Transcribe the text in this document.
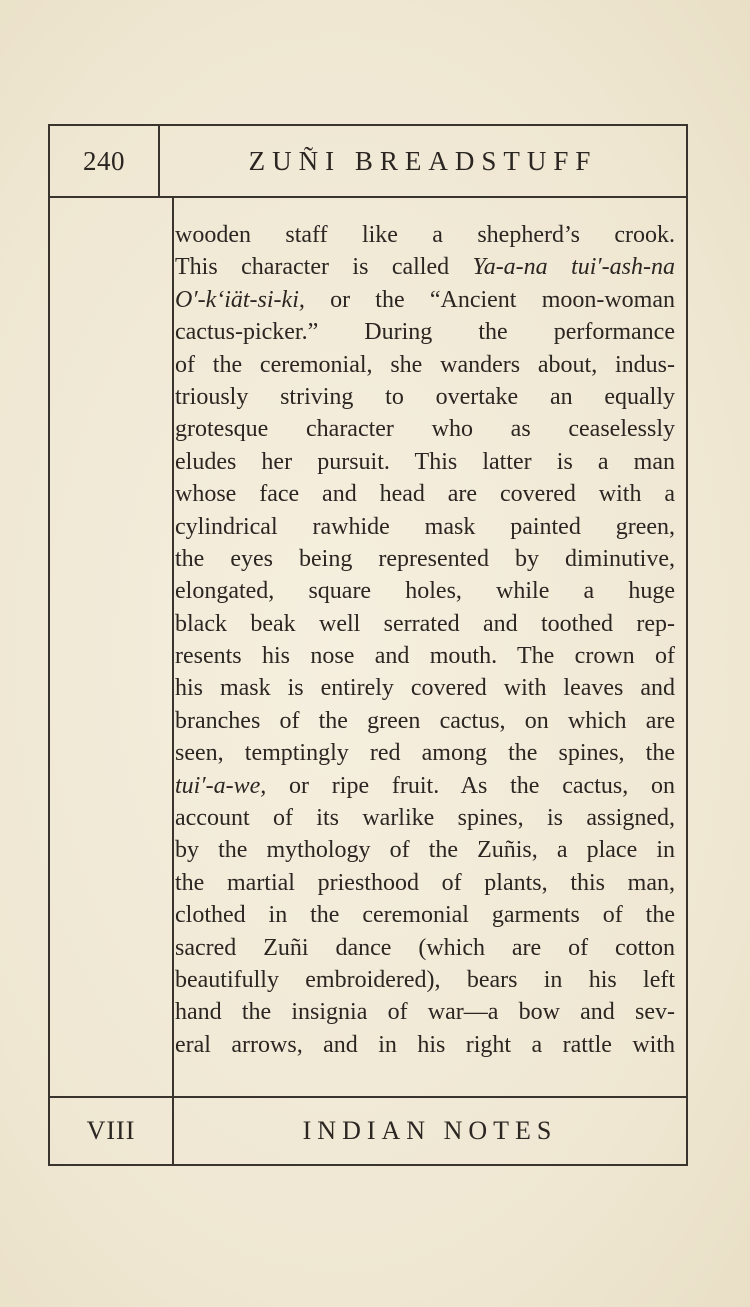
240	ZUÑI BREADSTUFF
wooden staff like a shepherd’s crook.
This character is called Ya-a-na tui′-ash-na
O′-k‘iät-si-ki, or the “Ancient moon-woman
cactus-picker.” During the performance
of the ceremonial, she wanders about, indus-
triously striving to overtake an equally
grotesque character who as ceaselessly
eludes her pursuit. This latter is a man
whose face and head are covered with a
cylindrical rawhide mask painted green,
the eyes being represented by diminutive,
elongated, square holes, while a huge
black beak well serrated and toothed rep-
resents his nose and mouth. The crown of
his mask is entirely covered with leaves and
branches of the green cactus, on which are
seen, temptingly red among the spines, the
tui′-a-we, or ripe fruit. As the cactus, on
account of its warlike spines, is assigned,
by the mythology of the Zuñis, a place in
the martial priesthood of plants, this man,
clothed in the ceremonial garments of the
sacred Zuñi dance (which are of cotton
beautifully embroidered), bears in his left
hand the insignia of war—a bow and sev-
eral arrows, and in his right a rattle with
VIII	INDIAN NOTES
